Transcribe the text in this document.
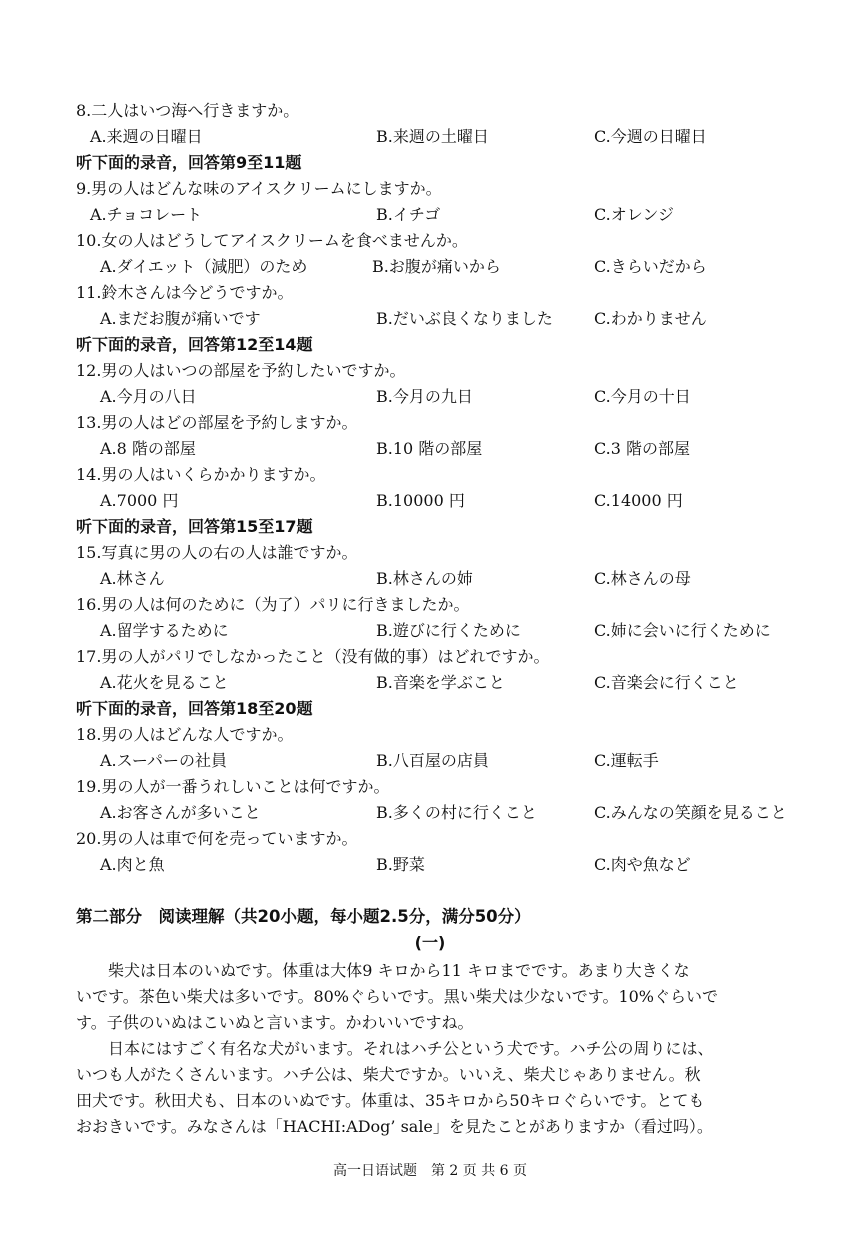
8.二人はいつ海へ行きますか。
A.来週の日曜日	B.来週の土曜日	C.今週の日曜日
听下面的录音，回答第9至11题
9.男の人はどんな味のアイスクリームにしますか。
A.チョコレート	B.イチゴ	C.オレンジ
10.女の人はどうしてアイスクリームを食べませんか。
A.ダイエット（減肥）のため	B.お腹が痛いから	C.きらいだから
11.鈴木さんは今どうですか。
A.まだお腹が痛いです	B.だいぶ良くなりました	C.わかりません
听下面的录音，回答第12至14题
12.男の人はいつの部屋を予約したいですか。
A.今月の八日	B.今月の九日	C.今月の十日
13.男の人はどの部屋を予約しますか。
A.8 階の部屋	B.10 階の部屋	C.3 階の部屋
14.男の人はいくらかかりますか。
A.7000 円	B.10000 円	C.14000 円
听下面的录音，回答第15至17题
15.写真に男の人の右の人は誰ですか。
A.林さん	B.林さんの姉	C.林さんの母
16.男の人は何のために（为了）パリに行きましたか。
A.留学するために	B.遊びに行くために	C.姉に会いに行くために
17.男の人がパリでしなかったこと（没有做的事）はどれですか。
A.花火を見ること	B.音楽を学ぶこと	C.音楽会に行くこと
听下面的录音，回答第18至20题
18.男の人はどんな人ですか。
A.スーパーの社員	B.八百屋の店員	C.運転手
19.男の人が一番うれしいことは何ですか。
A.お客さんが多いこと	B.多くの村に行くこと	C.みんなの笑顔を見ること
20.男の人は車で何を売っていますか。
A.肉と魚	B.野菜	C.肉や魚など
第二部分　阅读理解（共20小题，每小题2.5分，满分50分）
(一)
　　柴犬は日本のいぬです。体重は大体9 キロから11 キロまでです。あまり大きくな
いです。茶色い柴犬は多いです。80%ぐらいです。黒い柴犬は少ないです。10%ぐらいで
す。子供のいぬはこいぬと言います。かわいいですね。
　　日本にはすごく有名な犬がいます。それはハチ公という犬です。ハチ公の周りには、
いつも人がたくさんいます。ハチ公は、柴犬ですか。いいえ、柴犬じゃありません。秋
田犬です。秋田犬も、日本のいぬです。体重は、35キロから50キロぐらいです。とても
おおきいです。みなさんは「HACHI:ADog’ sale」を見たことがありますか（看过吗）。
高一日语试题　第 2 页 共 6 页
